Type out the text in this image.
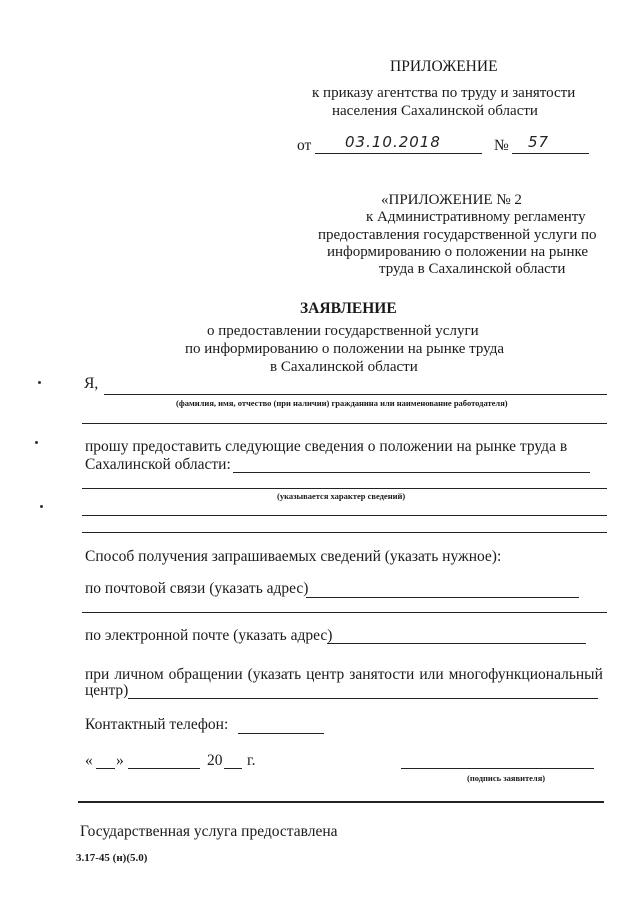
ПРИЛОЖЕНИЕ
к приказу агентства по труду и занятости
населения Сахалинской области
от 03.10.2018	№ 57
«ПРИЛОЖЕНИЕ № 2
к Административному регламенту
предоставления государственной услуги по
информированию о положении на рынке
труда в Сахалинской области
ЗАЯВЛЕНИЕ
о предоставлении государственной услуги
по информированию о положении на рынке труда
в Сахалинской области
Я,
(фамилия, имя, отчество (при наличии) гражданина или наименование работодателя)
прошу предоставить следующие сведения о положении на рынке труда в
Сахалинской области:
(указывается характер сведений)
Способ получения запрашиваемых сведений (указать нужное):
по почтовой связи (указать адрес)
по электронной почте (указать адрес)
при личном обращении (указать центр занятости или многофункциональный
центр)
Контактный телефон:
« »	20 г.
(подпись заявителя)
Государственная услуга предоставлена
3.17-45 (н)(5.0)
